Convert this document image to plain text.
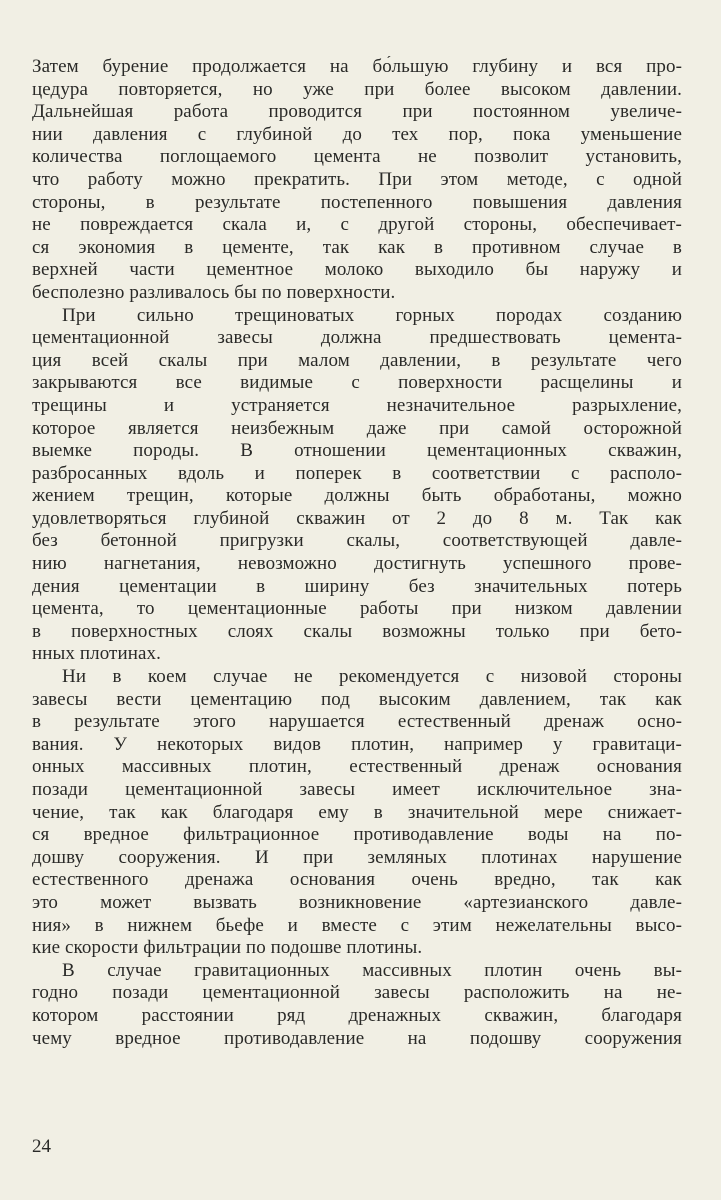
Затем бурение продолжается на бо́льшую глубину и вся про-
цедура повторяется, но уже при более высоком давлении.
Дальнейшая работа проводится при постоянном увеличе-
нии давления с глубиной до тех пор, пока уменьшение
количества поглощаемого цемента не позволит установить,
что работу можно прекратить. При этом методе, с одной
стороны, в результате постепенного повышения давления
не повреждается скала и, с другой стороны, обеспечивает-
ся экономия в цементе, так как в противном случае в
верхней части цементное молоко выходило бы наружу и
бесполезно разливалось бы по поверхности.
При сильно трещиноватых горных породах созданию
цементационной завесы должна предшествовать цемента-
ция всей скалы при малом давлении, в результате чего
закрываются все видимые с поверхности расщелины и
трещины и устраняется незначительное разрыхление,
которое является неизбежным даже при самой осторожной
выемке породы. В отношении цементационных скважин,
разбросанных вдоль и поперек в соответствии с располо-
жением трещин, которые должны быть обработаны, можно
удовлетворяться глубиной скважин от 2 до 8 м. Так как
без бетонной пригрузки скалы, соответствующей давле-
нию нагнетания, невозможно достигнуть успешного прове-
дения цементации в ширину без значительных потерь
цемента, то цементационные работы при низком давлении
в поверхностных слоях скалы возможны только при бето-
нных плотинах.
Ни в коем случае не рекомендуется с низовой стороны
завесы вести цементацию под высоким давлением, так как
в результате этого нарушается естественный дренаж осно-
вания. У некоторых видов плотин, например у гравитаци-
онных массивных плотин, естественный дренаж основания
позади цементационной завесы имеет исключительное зна-
чение, так как благодаря ему в значительной мере снижает-
ся вредное фильтрационное противодавление воды на по-
дошву сооружения. И при земляных плотинах нарушение
естественного дренажа основания очень вредно, так как
это может вызвать возникновение «артезианского давле-
ния» в нижнем бьефе и вместе с этим нежелательны высо-
кие скорости фильтрации по подошве плотины.
В случае гравитационных массивных плотин очень вы-
годно позади цементационной завесы расположить на не-
котором расстоянии ряд дренажных скважин, благодаря
чему вредное противодавление на подошву сооружения
24
